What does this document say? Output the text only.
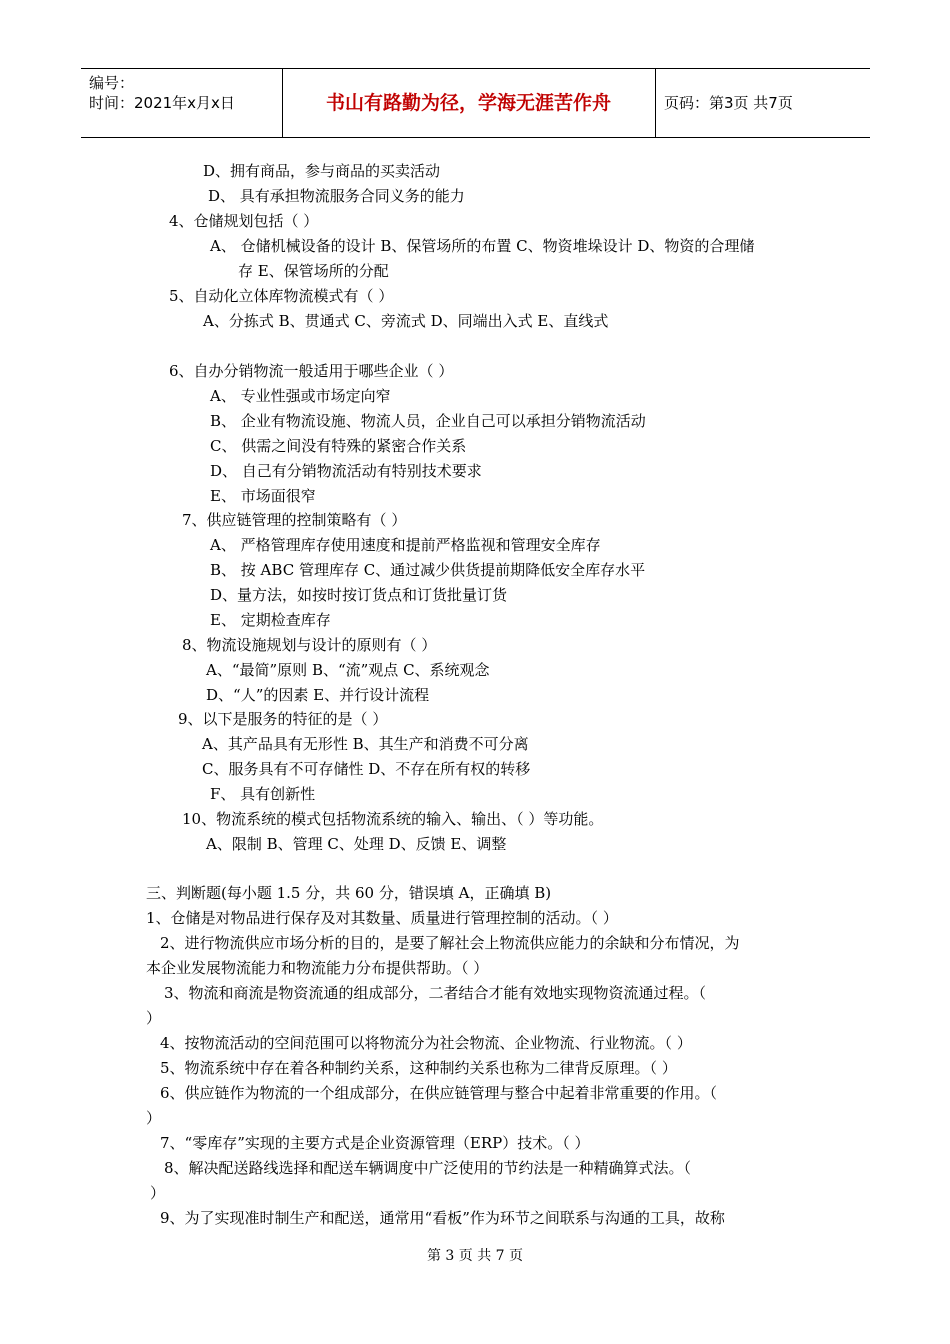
编号：
时间：2021年x月x日	书山有路勤为径，学海无涯苦作舟	页码：第3页 共7页
D、拥有商品，参与商品的买卖活动
D、 具有承担物流服务合同义务的能力
4、仓储规划包括（ ）
A、 仓储机械设备的设计 B、保管场所的布置 C、物资堆垛设计 D、物资的合理储
存 E、保管场所的分配
5、自动化立体库物流模式有（ ）
A、分拣式 B、贯通式 C、旁流式 D、同端出入式 E、直线式
6、自办分销物流一般适用于哪些企业（ ）
A、 专业性强或市场定向窄
B、 企业有物流设施、物流人员，企业自己可以承担分销物流活动
C、 供需之间没有特殊的紧密合作关系
D、 自己有分销物流活动有特别技术要求
E、 市场面很窄
7、供应链管理的控制策略有（ ）
A、 严格管理库存使用速度和提前严格监视和管理安全库存
B、 按 ABC 管理库存 C、通过减少供货提前期降低安全库存水平
D、量方法，如按时按订货点和订货批量订货
E、 定期检查库存
8、物流设施规划与设计的原则有（ ）
A、“最简”原则 B、“流”观点 C、系统观念
D、“人”的因素 E、并行设计流程
9、以下是服务的特征的是（ ）
A、其产品具有无形性 B、其生产和消费不可分离
C、服务具有不可存储性 D、不存在所有权的转移
F、 具有创新性
10、物流系统的模式包括物流系统的输入、输出、（ ）等功能。
A、限制 B、管理 C、处理 D、反馈 E、调整
三、判断题(每小题 1.5 分，共 60 分，错误填 A，正确填 B)
1、仓储是对物品进行保存及对其数量、质量进行管理控制的活动。（ ）
2、进行物流供应市场分析的目的，是要了解社会上物流供应能力的余缺和分布情况，为
本企业发展物流能力和物流能力分布提供帮助。（ ）
3、物流和商流是物资流通的组成部分，二者结合才能有效地实现物资流通过程。（
）
4、按物流活动的空间范围可以将物流分为社会物流、企业物流、行业物流。（ ）
5、物流系统中存在着各种制约关系，这种制约关系也称为二律背反原理。（ ）
6、供应链作为物流的一个组成部分，在供应链管理与整合中起着非常重要的作用。（
）
7、“零库存”实现的主要方式是企业资源管理（ERP）技术。（ ）
8、解决配送路线选择和配送车辆调度中广泛使用的节约法是一种精确算式法。（
）
9、为了实现准时制生产和配送，通常用“看板”作为环节之间联系与沟通的工具，故称
第 3 页 共 7 页
